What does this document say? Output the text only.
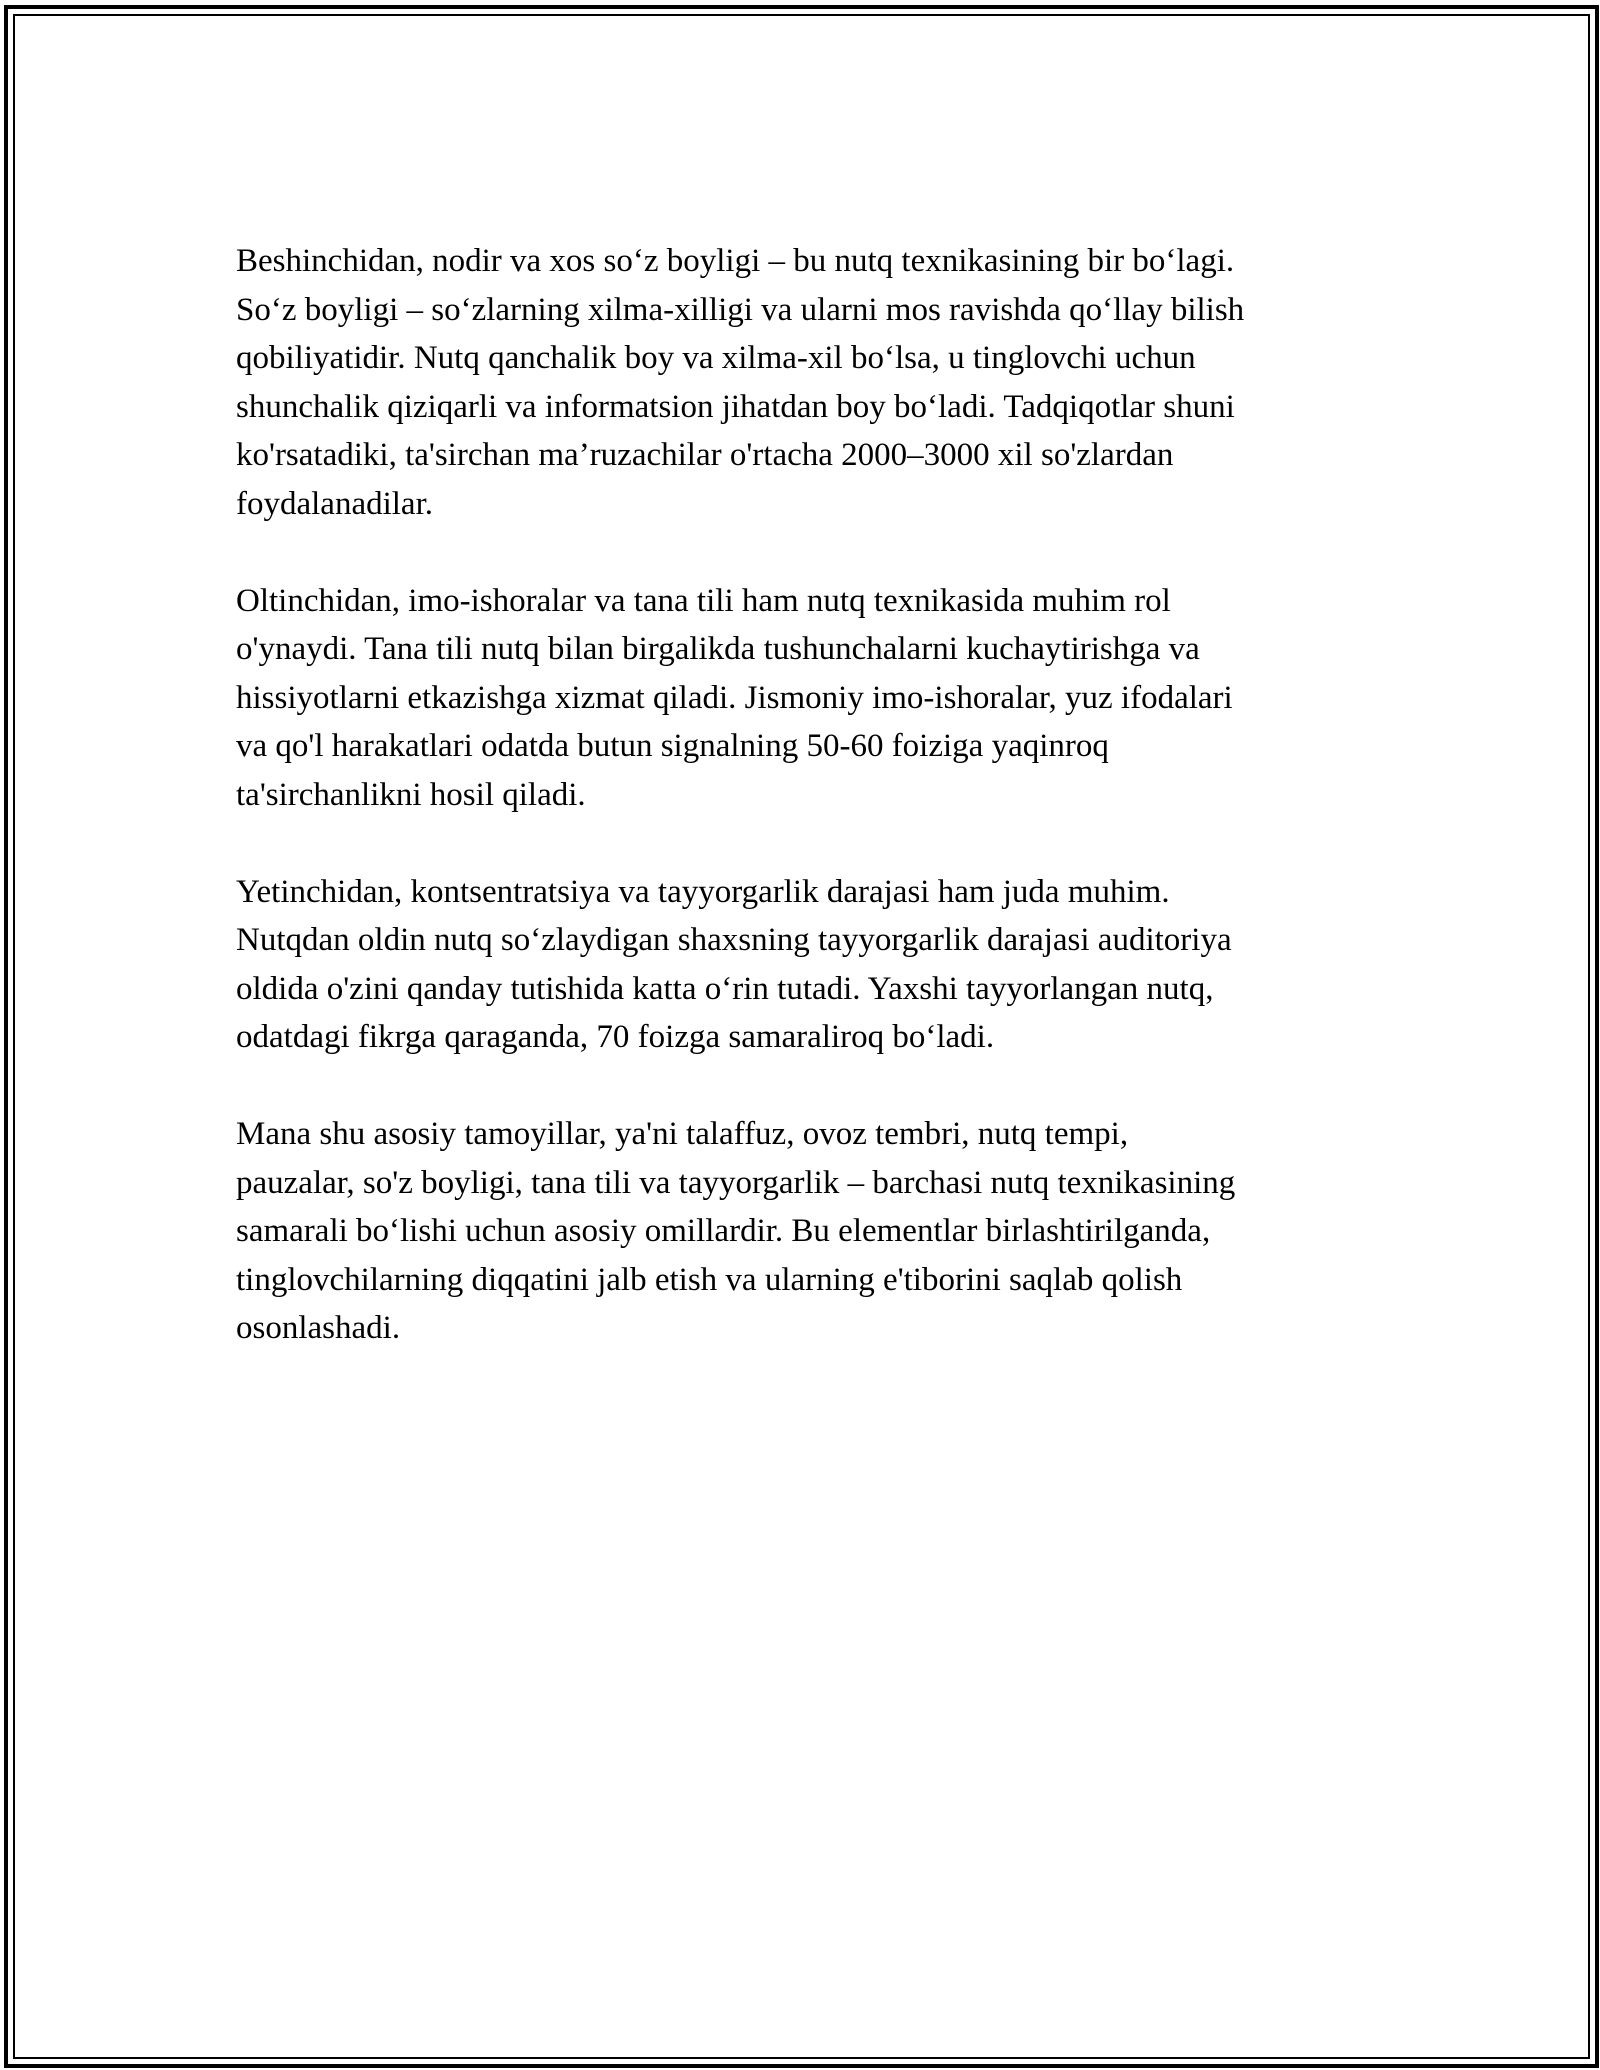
Beshinchidan, nodir va xos so‘z boyligi – bu nutq texnikasining bir bo‘lagi.
So‘z boyligi – so‘zlarning xilma-xilligi va ularni mos ravishda qo‘llay bilish
qobiliyatidir. Nutq qanchalik boy va xilma-xil bo‘lsa, u tinglovchi uchun
shunchalik qiziqarli va informatsion jihatdan boy bo‘ladi. Tadqiqotlar shuni
ko'rsatadiki, ta'sirchan ma’ruzachilar o'rtacha 2000–3000 xil so'zlardan
foydalanadilar.

Oltinchidan, imo-ishoralar va tana tili ham nutq texnikasida muhim rol
o'ynaydi. Tana tili nutq bilan birgalikda tushunchalarni kuchaytirishga va
hissiyotlarni etkazishga xizmat qiladi. Jismoniy imo-ishoralar, yuz ifodalari
va qo'l harakatlari odatda butun signalning 50-60 foiziga yaqinroq
ta'sirchanlikni hosil qiladi.

Yetinchidan, kontsentratsiya va tayyorgarlik darajasi ham juda muhim.
Nutqdan oldin nutq so‘zlaydigan shaxsning tayyorgarlik darajasi auditoriya
oldida o'zini qanday tutishida katta o‘rin tutadi. Yaxshi tayyorlangan nutq,
odatdagi fikrga qaraganda, 70 foizga samaraliroq bo‘ladi.

Mana shu asosiy tamoyillar, ya'ni talaffuz, ovoz tembri, nutq tempi,
pauzalar, so'z boyligi, tana tili va tayyorgarlik – barchasi nutq texnikasining
samarali bo‘lishi uchun asosiy omillardir. Bu elementlar birlashtirilganda,
tinglovchilarning diqqatini jalb etish va ularning e'tiborini saqlab qolish
osonlashadi.
